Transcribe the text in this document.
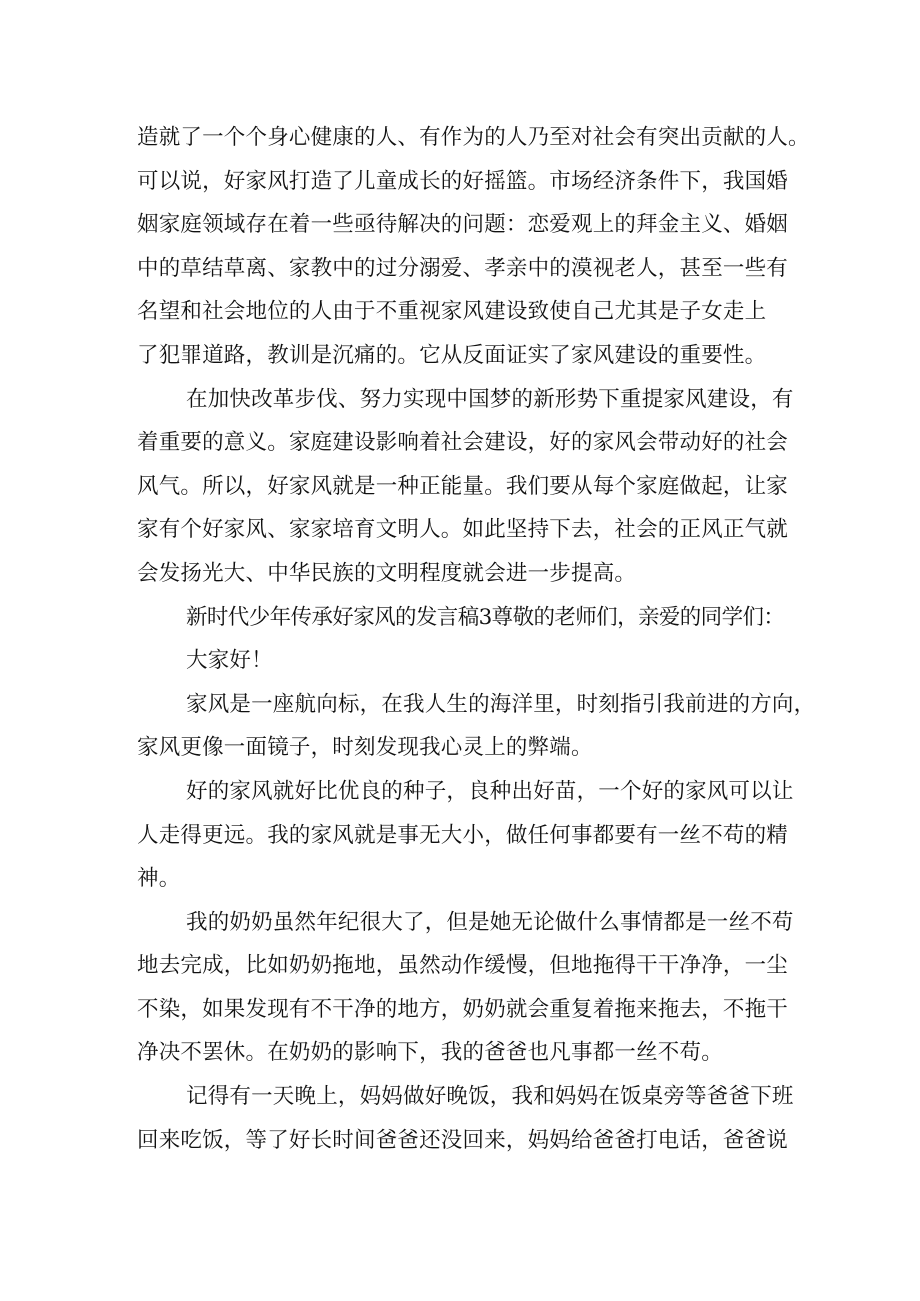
造就了一个个身心健康的人、有作为的人乃至对社会有突出贡献的人。
可以说，好家风打造了儿童成长的好摇篮。市场经济条件下，我国婚
姻家庭领域存在着一些亟待解决的问题：恋爱观上的拜金主义、婚姻
中的草结草离、家教中的过分溺爱、孝亲中的漠视老人，甚至一些有
名望和社会地位的人由于不重视家风建设致使自己尤其是子女走上
了犯罪道路，教训是沉痛的。它从反面证实了家风建设的重要性。
在加快改革步伐、努力实现中国梦的新形势下重提家风建设，有
着重要的意义。家庭建设影响着社会建设，好的家风会带动好的社会
风气。所以，好家风就是一种正能量。我们要从每个家庭做起，让家
家有个好家风、家家培育文明人。如此坚持下去，社会的正风正气就
会发扬光大、中华民族的文明程度就会进一步提高。
新时代少年传承好家风的发言稿3尊敬的老师们，亲爱的同学们：
大家好！
家风是一座航向标，在我人生的海洋里，时刻指引我前进的方向，
家风更像一面镜子，时刻发现我心灵上的弊端。
好的家风就好比优良的种子，良种出好苗，一个好的家风可以让
人走得更远。我的家风就是事无大小，做任何事都要有一丝不苟的精
神。
我的奶奶虽然年纪很大了，但是她无论做什么事情都是一丝不苟
地去完成，比如奶奶拖地，虽然动作缓慢，但地拖得干干净净，一尘
不染，如果发现有不干净的地方，奶奶就会重复着拖来拖去，不拖干
净决不罢休。在奶奶的影响下，我的爸爸也凡事都一丝不苟。
记得有一天晚上，妈妈做好晚饭，我和妈妈在饭桌旁等爸爸下班
回来吃饭，等了好长时间爸爸还没回来，妈妈给爸爸打电话，爸爸说
